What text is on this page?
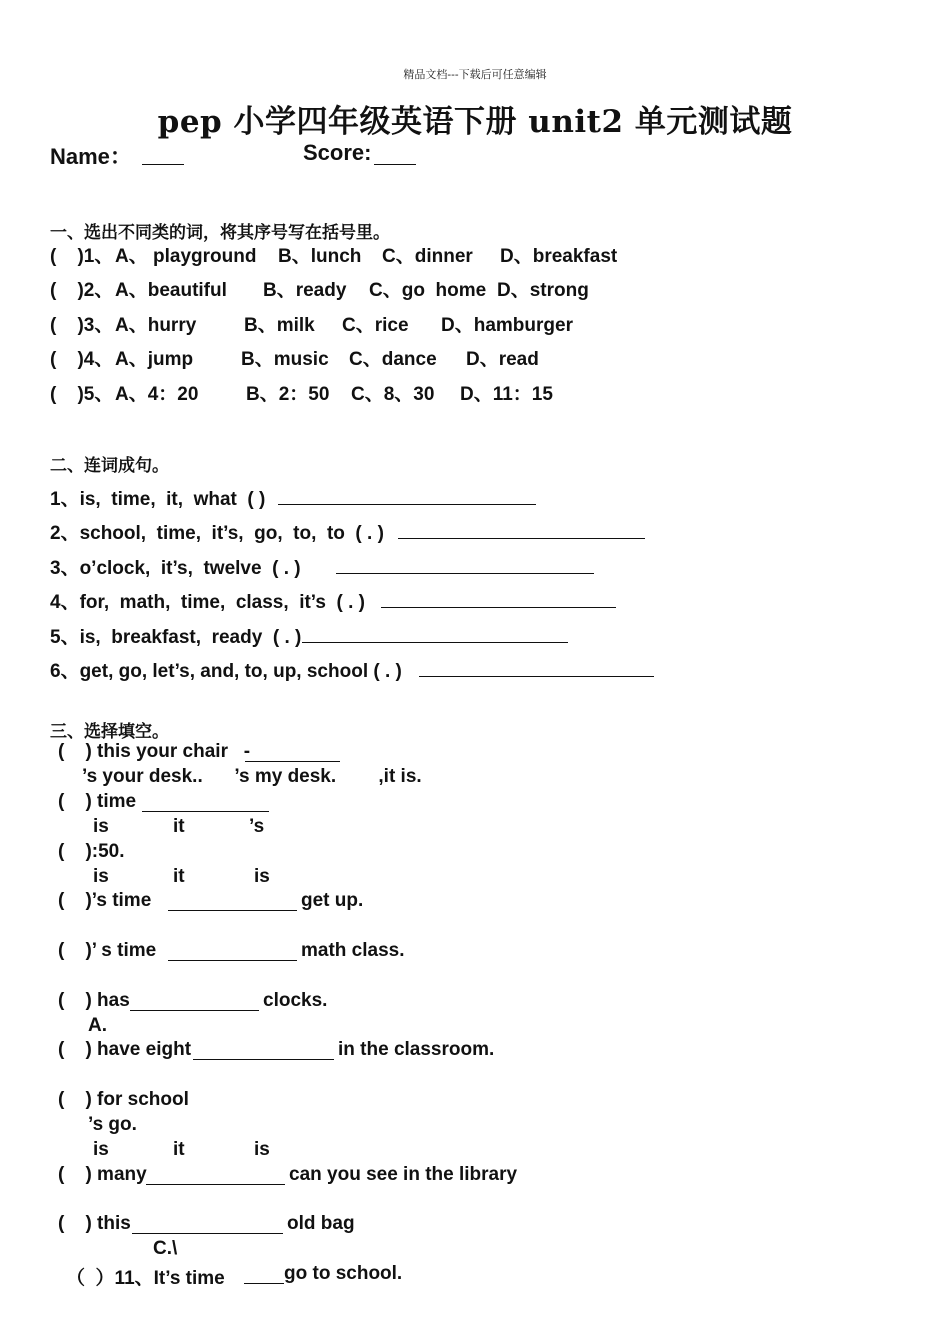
精品文档---下载后可任意编辑
pep 小学四年级英语下册 unit2 单元测试题
Name：	Score:
一、选出不同类的词，将其序号写在括号里。
(    )1、 A、 playground B、lunch C、dinner D、breakfast
(    )2、 A、beautiful B、ready C、go  home D、strong
(    )3、 A、hurry	B、milk C、rice D、hamburger
(    )4、 A、jump	B、music C、dance D、read
(    )5、 A、4：20	B、2：50 C、8、30 D、11：15
二、连词成句。
1、is,  time,  it,  what  ( )
2、school,  time,  it’s,  go,  to,  to  ( . )
3、o’clock,  it’s,  twelve  ( . )
4、for,  math,  time,  class,  it’s  ( . )
5、is,  breakfast,  ready  ( . )
6、get, go, let’s, and, to, up, school ( . )
三、选择填空。
(    ) this your chair   -
’s your desk..      ’s my desk.        ,it is.
(    ) time
is	it	’s
(    ):50.
is	it	is
(    )’s time	get up.
(    )’ s time	math class.
(    ) has	clocks.
A.
(    ) have eight	in the classroom.
(    ) for school
’s go.
is	it	is
(    ) many	can you see in the library
(    ) this	old bag
C.\
（  ）11、It’s time	go to school.
